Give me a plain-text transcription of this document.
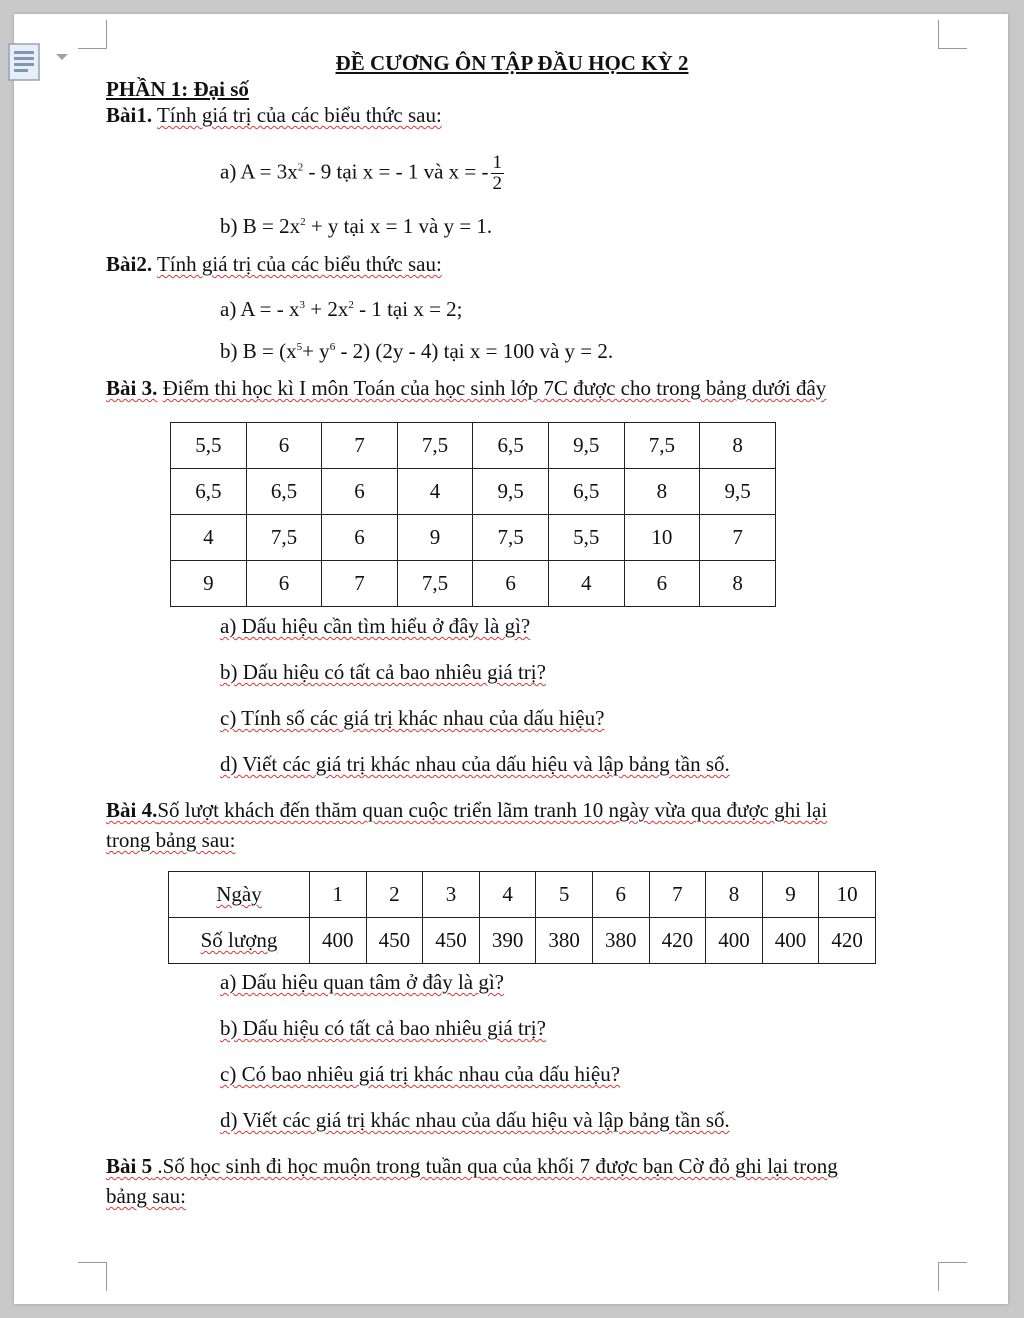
ĐỀ CƯƠNG ÔN TẬP ĐẦU HỌC KỲ 2
PHẦN 1: Đại số
Bài1. Tính giá trị của các biểu thức sau:
a) $A = 3x^2 - 9$ tại x = - 1 và x = - $\frac{1}{2}$
b) $B = 2x^2 + y$ tại x = 1 và y = 1.
Bài2. Tính giá trị của các biểu thức sau:
a) A = - $x^3 + 2x^2 - 1$ tại x = 2;
b) $B = (x^5+ y^6 - 2)$ (2y - 4) tại x = 100 và y = 2.
Bài 3. Điểm thi học kì I môn Toán của học sinh lớp 7C được cho trong bảng dưới đây
5,5	6	7	7,5	6,5	9,5	7,5	8
6,5	6,5	6	4	9,5	6,5	8	9,5
4	7,5	6	9	7,5	5,5	10	7
9	6	7	7,5	6	4	6	8
a) Dấu hiệu cần tìm hiểu ở đây là gì?
b) Dấu hiệu có tất cả bao nhiêu giá trị?
c) Tính số các giá trị khác nhau của dấu hiệu?
d) Viết các giá trị khác nhau của dấu hiệu và lập bảng tần số.
Bài 4.Số lượt khách đến thăm quan cuộc triển lãm tranh 10 ngày vừa qua được ghi lại
trong bảng sau:
Ngày	1	2	3	4	5	6	7	8	9	10
Số lượng	400	450	450	390	380	380	420	400	400	420
a) Dấu hiệu quan tâm ở đây là gì?
b) Dấu hiệu có tất cả bao nhiêu giá trị?
c) Có bao nhiêu giá trị khác nhau của dấu hiệu?
d) Viết các giá trị khác nhau của dấu hiệu và lập bảng tần số.
Bài 5 .Số học sinh đi học muộn trong tuần qua của khối 7 được bạn Cờ đỏ ghi lại trong
bảng sau:
